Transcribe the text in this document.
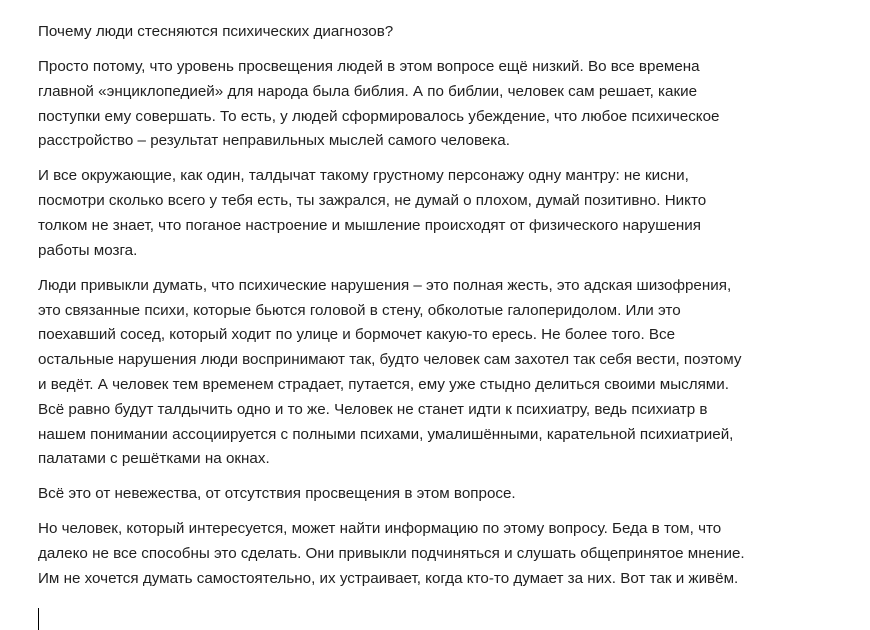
Почему люди стесняются психических диагнозов?

Просто потому, что уровень просвещения людей в этом вопросе ещё низкий. Во все времена
главной «энциклопедией» для народа была библия. А по библии, человек сам решает, какие
поступки ему совершать. То есть, у людей сформировалось убеждение, что любое психическое
расстройство – результат неправильных мыслей самого человека.

И все окружающие, как один, талдычат такому грустному персонажу одну мантру: не кисни,
посмотри сколько всего у тебя есть, ты зажрался, не думай о плохом, думай позитивно. Никто
толком не знает, что поганое настроение и мышление происходят от физического нарушения
работы мозга.

Люди привыкли думать, что психические нарушения – это полная жесть, это адская шизофрения,
это связанные психи, которые бьются головой в стену, обколотые галоперидолом. Или это
поехавший сосед, который ходит по улице и бормочет какую-то ересь. Не более того. Все
остальные нарушения люди воспринимают так, будто человек сам захотел так себя вести, поэтому
и ведёт. А человек тем временем страдает, путается, ему уже стыдно делиться своими мыслями.
Всё равно будут талдычить одно и то же. Человек не станет идти к психиатру, ведь психиатр в
нашем понимании ассоциируется с полными психами, умалишёнными, карательной психиатрией,
палатами с решётками на окнах.

Всё это от невежества, от отсутствия просвещения в этом вопросе.

Но человек, который интересуется, может найти информацию по этому вопросу. Беда в том, что
далеко не все способны это сделать. Они привыкли подчиняться и слушать общепринятое мнение.
Им не хочется думать самостоятельно, их устраивает, когда кто-то думает за них. Вот так и живём.
